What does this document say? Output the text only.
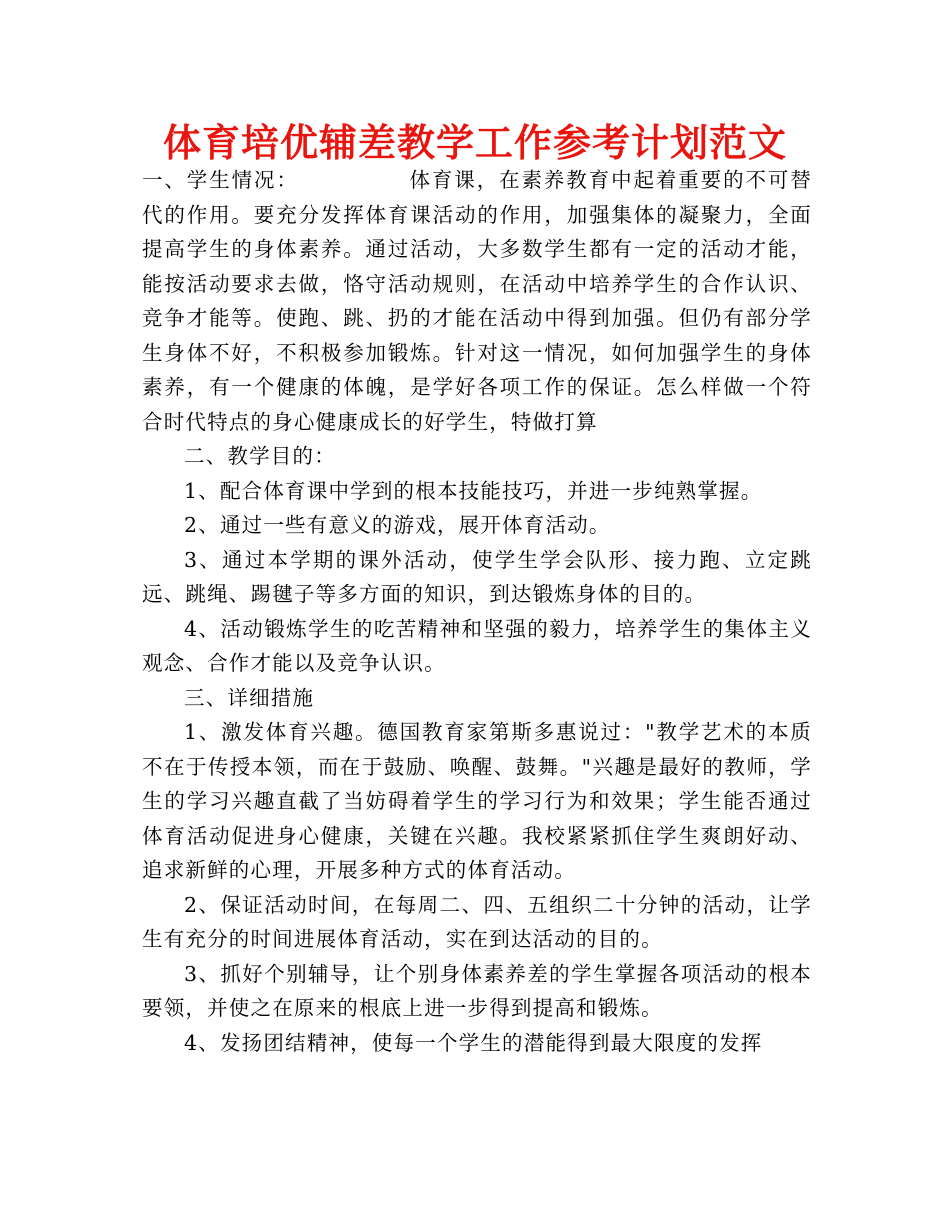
体育培优辅差教学工作参考计划范文

一、学生情况：	体育课，在素养教育中起着重要的不可替代的作用。要充分发挥体育课活动的作用，加强集体的凝聚力，全面提高学生的身体素养。通过活动，大多数学生都有一定的活动才能，能按活动要求去做，恪守活动规则，在活动中培养学生的合作认识、竞争才能等。使跑、跳、扔的才能在活动中得到加强。但仍有部分学生身体不好，不积极参加锻炼。针对这一情况，如何加强学生的身体素养，有一个健康的体魄，是学好各项工作的保证。怎么样做一个符合时代特点的身心健康成长的好学生，特做打算

二、教学目的：

1、配合体育课中学到的根本技能技巧，并进一步纯熟掌握。

2、通过一些有意义的游戏，展开体育活动。

3、通过本学期的课外活动，使学生学会队形、接力跑、立定跳远、跳绳、踢毽子等多方面的知识，到达锻炼身体的目的。

4、活动锻炼学生的吃苦精神和坚强的毅力，培养学生的集体主义观念、合作才能以及竞争认识。

三、详细措施

1、激发体育兴趣。德国教育家第斯多惠说过："教学艺术的本质不在于传授本领，而在于鼓励、唤醒、鼓舞。"兴趣是最好的教师，学生的学习兴趣直截了当妨碍着学生的学习行为和效果；学生能否通过体育活动促进身心健康，关键在兴趣。我校紧紧抓住学生爽朗好动、追求新鲜的心理，开展多种方式的体育活动。

2、保证活动时间，在每周二、四、五组织二十分钟的活动，让学生有充分的时间进展体育活动，实在到达活动的目的。

3、抓好个别辅导，让个别身体素养差的学生掌握各项活动的根本要领，并使之在原来的根底上进一步得到提高和锻炼。

4、发扬团结精神，使每一个学生的潜能得到最大限度的发挥
